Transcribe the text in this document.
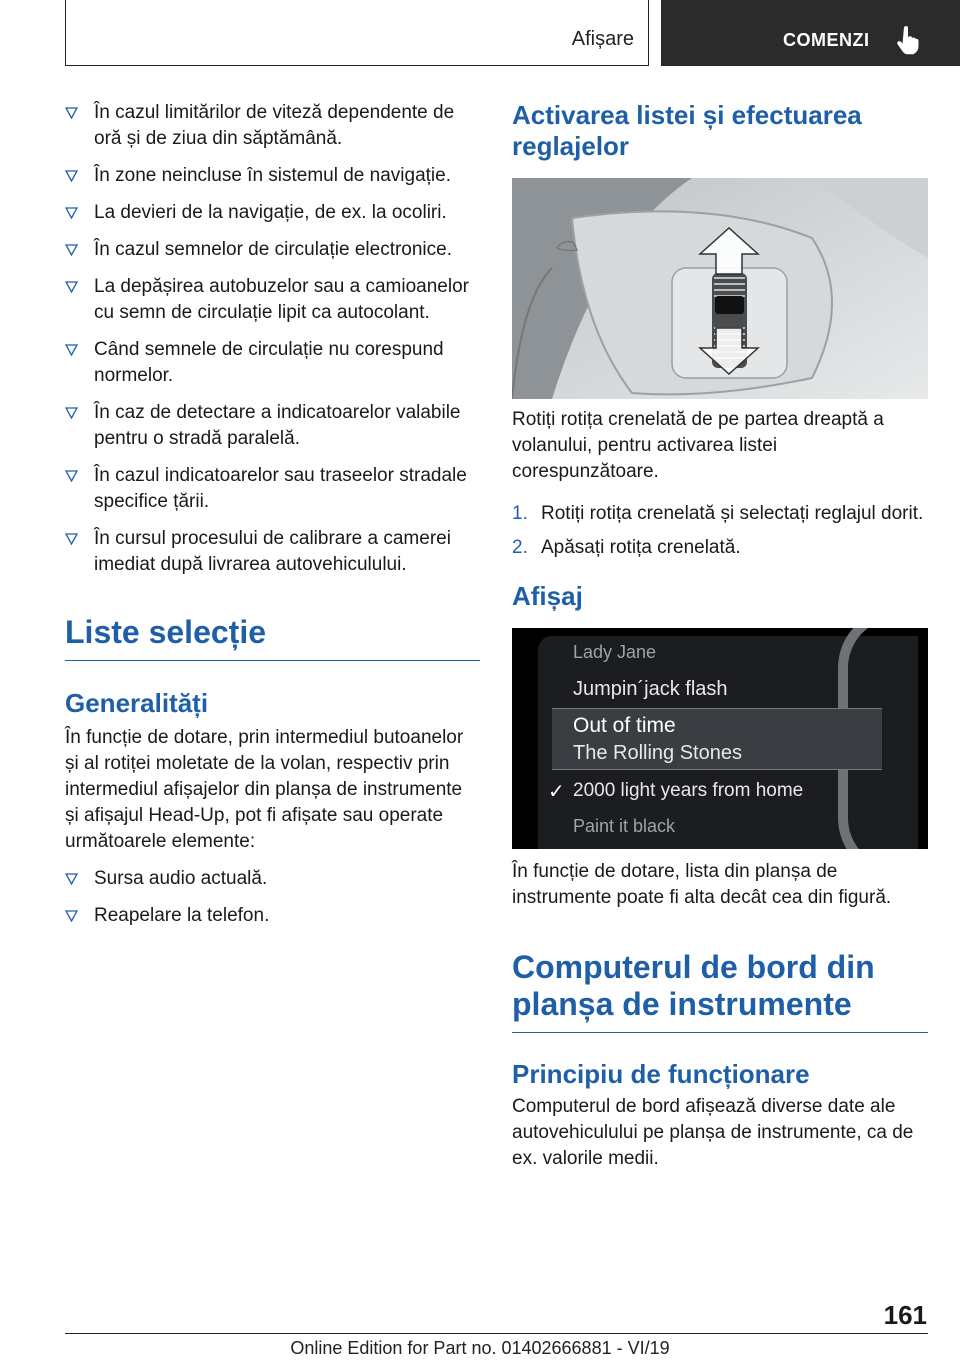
Afișare	COMENZI
În cazul limitărilor de viteză dependente de oră și de ziua din săptămână.
În zone neincluse în sistemul de navigație.
La devieri de la navigație, de ex. la ocoliri.
În cazul semnelor de circulație electronice.
La depășirea autobuzelor sau a camioanelor cu semn de circulație lipit ca autocolant.
Când semnele de circulație nu corespund normelor.
În caz de detectare a indicatoarelor valabile pentru o stradă paralelă.
În cazul indicatoarelor sau traseelor stradale specifice țării.
În cursul procesului de calibrare a camerei imediat după livrarea autovehiculului.
Liste selecție
Generalități
În funcție de dotare, prin intermediul butoanelor și al rotiței moletate de la volan, respectiv prin intermediul afișajelor din planșa de instrumente și afișajul Head-Up, pot fi afișate sau operate următoarele elemente:
Sursa audio actuală.
Reapelare la telefon.
Activarea listei și efectuarea reglajelor
Rotiți rotița crenelată de pe partea dreaptă a volanului, pentru activarea listei corespunzătoare.
1. Rotiți rotița crenelată și selectați reglajul dorit.
2. Apăsați rotița crenelată.
Afișaj
Lady Jane
Jumpin´jack flash
Out of time
The Rolling Stones
✓ 2000 light years from home
Paint it black
În funcție de dotare, lista din planșa de instrumente poate fi alta decât cea din figură.
Computerul de bord din planșa de instrumente
Principiu de funcționare
Computerul de bord afișează diverse date ale autovehiculului pe planșa de instrumente, ca de ex. valorile medii.
161
Online Edition for Part no. 01402666881 - VI/19
